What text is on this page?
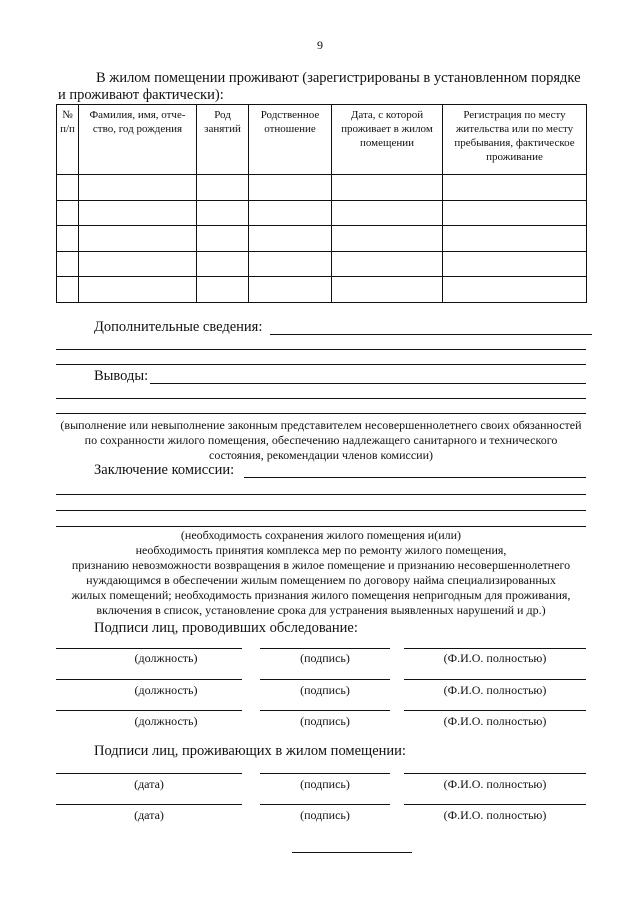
9
В жилом помещении проживают (зарегистрированы в установленном порядке
и проживают фактически):
№ п/п	Фамилия, имя, отче- ство, год рождения	Род занятий	Родственное отношение	Дата, с которой проживает в жилом помещении	Регистрация по месту жительства или по месту пребывания, фактическое проживание

Дополнительные сведения:
Выводы:
(выполнение или невыполнение законным представителем несовершеннолетнего своих обязанностей по сохранности жилого помещения, обеспечению надлежащего санитарного и технического состояния, рекомендации членов комиссии)
Заключение комиссии:
(необходимость сохранения жилого помещения и(или)
необходимость принятия комплекса мер по ремонту жилого помещения,
признанию невозможности возвращения в жилое помещение и признанию несовершеннолетнего
нуждающимся в обеспечении жилым помещением по договору найма специализированных
жилых помещений; необходимость признания жилого помещения непригодным для проживания,
включения в список, установление срока для устранения выявленных нарушений и др.)
Подписи лиц, проводивших обследование:
(должность)	(подпись)	(Ф.И.О. полностью)
(должность)	(подпись)	(Ф.И.О. полностью)
(должность)	(подпись)	(Ф.И.О. полностью)
Подписи лиц, проживающих в жилом помещении:
(дата)	(подпись)	(Ф.И.О. полностью)
(дата)	(подпись)	(Ф.И.О. полностью)
